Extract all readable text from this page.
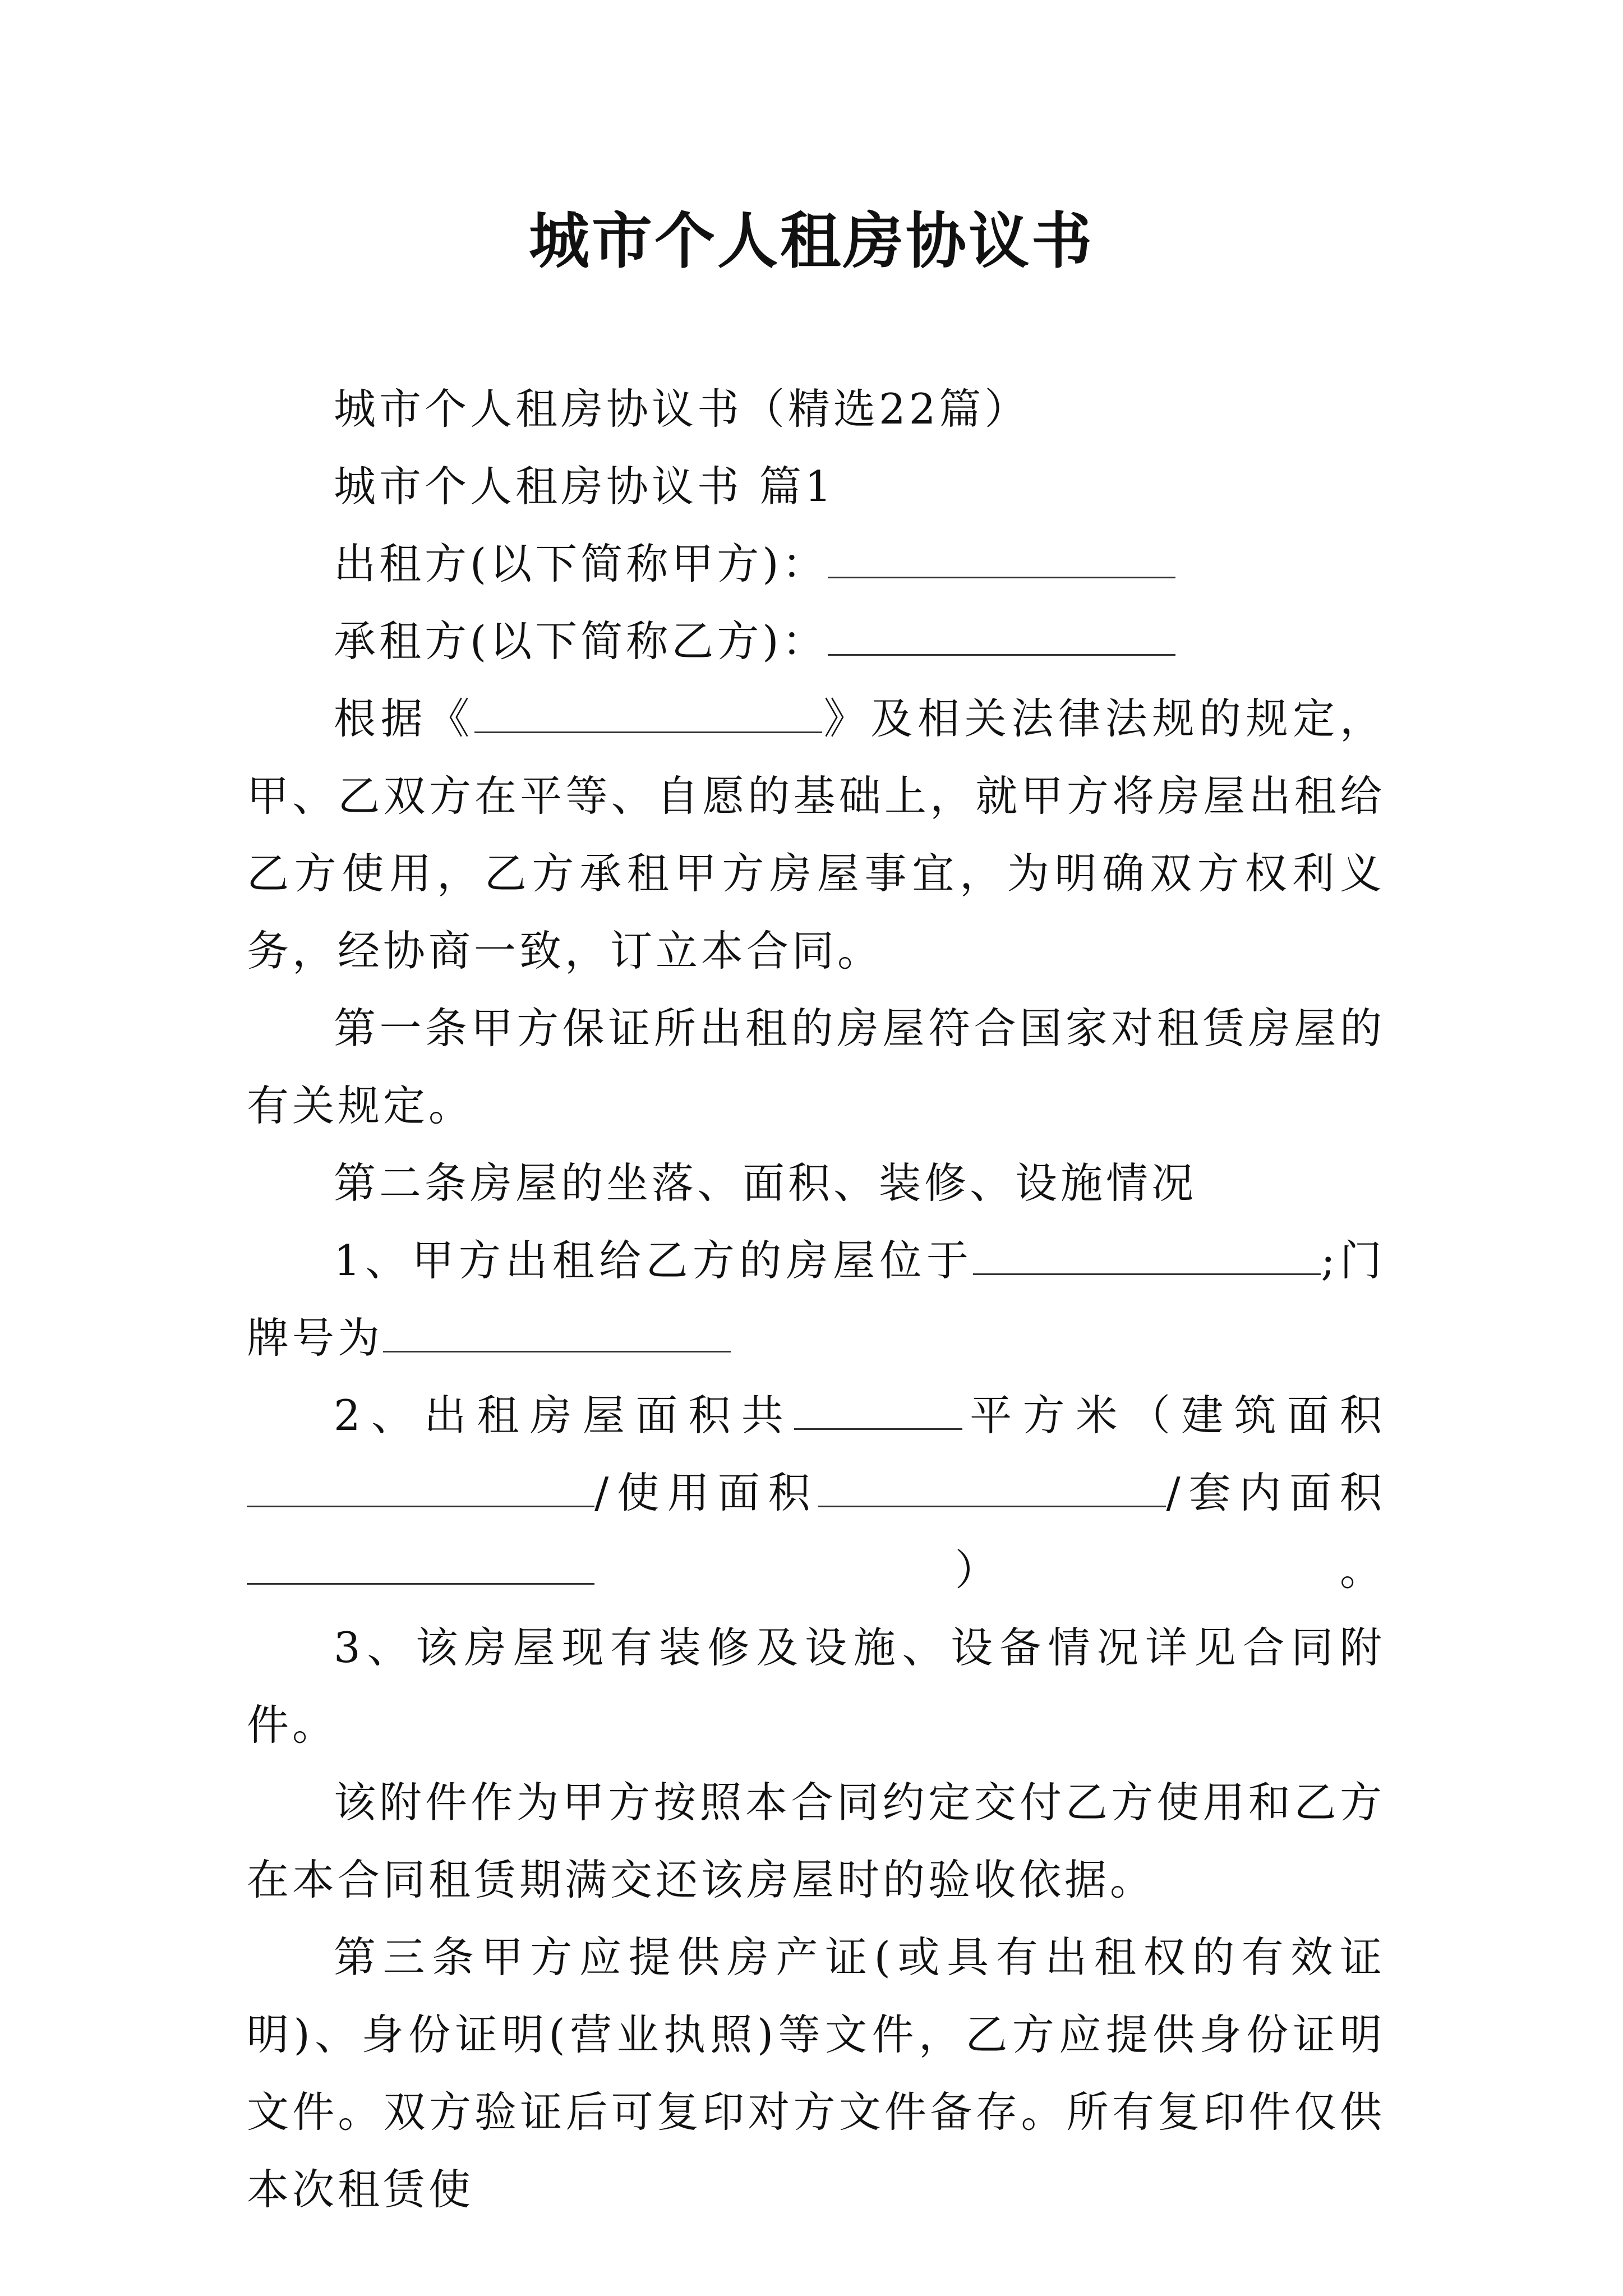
城市个人租房协议书

城市个人租房协议书（精选22篇）

城市个人租房协议书 篇1

出租方(以下简称甲方)：

承租方(以下简称乙方)：

根据《	》及相关法律法规的规定，甲、乙双方在平等、自愿的基础上，就甲方将房屋出租给乙方使用，乙方承租甲方房屋事宜，为明确双方权利义务，经协商一致，订立本合同。

第一条甲方保证所出租的房屋符合国家对租赁房屋的有关规定。

第二条房屋的坐落、面积、装修、设施情况

1、甲方出租给乙方的房屋位于	;门牌号为

2、出租房屋面积共	平方米（建筑面积/使用面积	/套内面积）。

3、该房屋现有装修及设施、设备情况详见合同附件。

该附件作为甲方按照本合同约定交付乙方使用和乙方在本合同租赁期满交还该房屋时的验收依据。

第三条甲方应提供房产证(或具有出租权的有效证明)、身份证明(营业执照)等文件，乙方应提供身份证明文件。双方验证后可复印对方文件备存。所有复印件仅供本次租赁使
